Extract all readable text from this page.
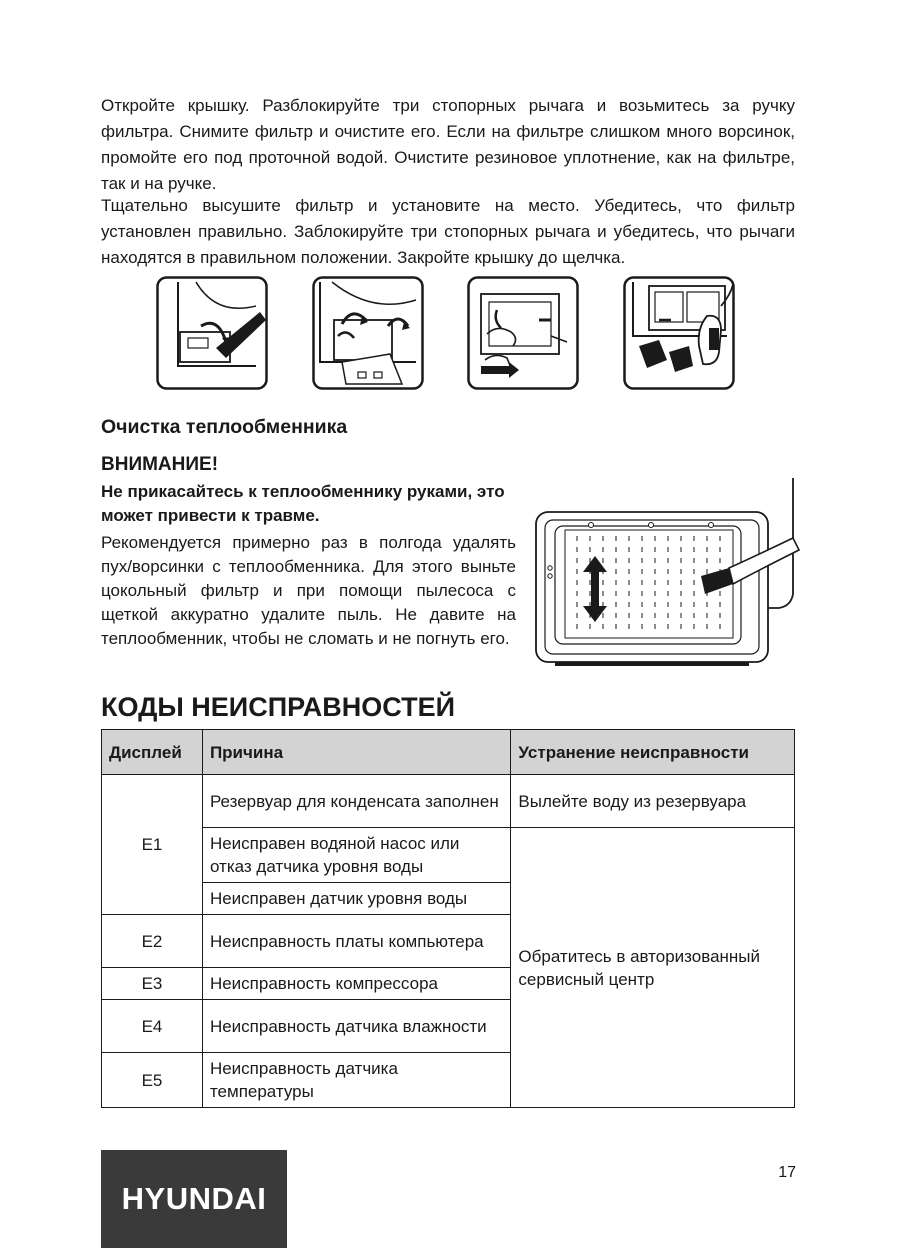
Откройте крышку. Разблокируйте три стопорных рычага и возьмитесь за ручку фильтра. Снимите фильтр и очистите его. Если на фильтре слишком много ворсинок, промойте его под проточной водой. Очистите резиновое уплотнение, как на фильтре, так и на ручке.

Тщательно высушите фильтр и установите на место. Убедитесь, что фильтр установлен правильно. Заблокируйте три стопорных рычага и убедитесь, что рычаги находятся в правильном положении. Закройте крышку до щелчка.

Очистка теплообменника
ВНИМАНИЕ!

Не прикасайтесь к теплообменнику руками, это может привести к травме.

Рекомендуется примерно раз в полгода удалять пух/ворсинки с теплообменника. Для этого выньте цокольный фильтр и при помощи пылесоса с щеткой аккуратно удалите пыль. Не давите на теплообменник, чтобы не сломать и не погнуть его.

КОДЫ НЕИСПРАВНОСТЕЙ
Дисплей	Причина	Устранение неисправности
E1	Резервуар для конденсата заполнен	Вылейте воду из резервуара
	Неисправен водяной насос или отказ датчика уровня воды	Обратитесь в авторизованный сервисный центр
	Неисправен датчик уровня воды	
E2	Неисправность платы компьютера	
E3	Неисправность компрессора	
E4	Неисправность датчика влажности	
E5	Неисправность датчика температуры	
HYUNDAI
17
